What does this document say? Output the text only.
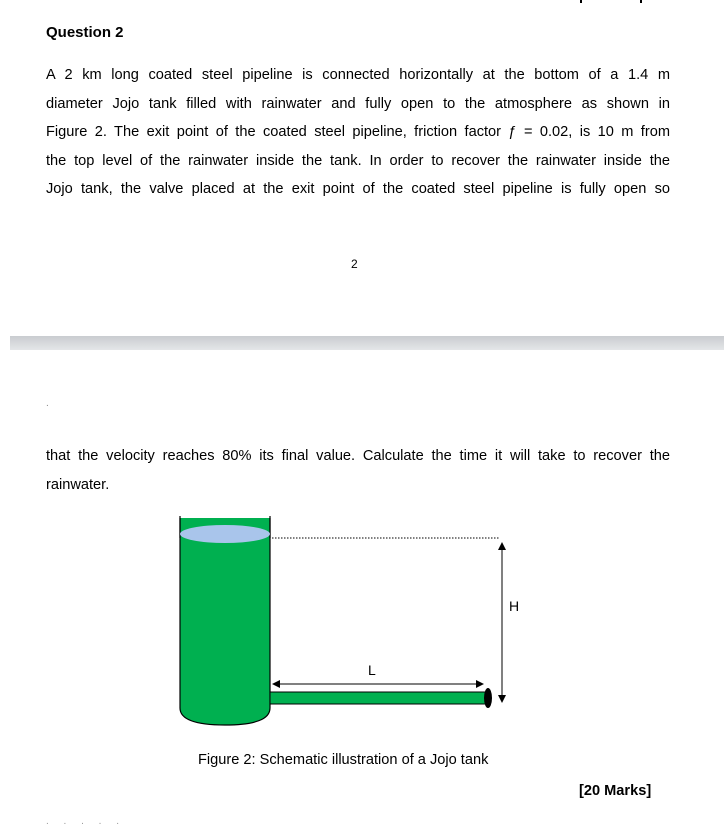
Question 2
A 2 km long coated steel pipeline is connected horizontally at the bottom of a 1.4 m
diameter Jojo tank filled with rainwater and fully open to the atmosphere as shown in
Figure 2. The exit point of the coated steel pipeline, friction factor ƒ = 0.02, is 10 m from
the top level of the rainwater inside the tank. In order to recover the rainwater inside the
Jojo tank, the valve placed at the exit point of the coated steel pipeline is fully open so
2
.
that the velocity reaches 80% its final value. Calculate the time it will take to recover the
rainwater.
H
L
Figure 2: Schematic illustration of a Jojo tank
[20 Marks]
. . . . .
